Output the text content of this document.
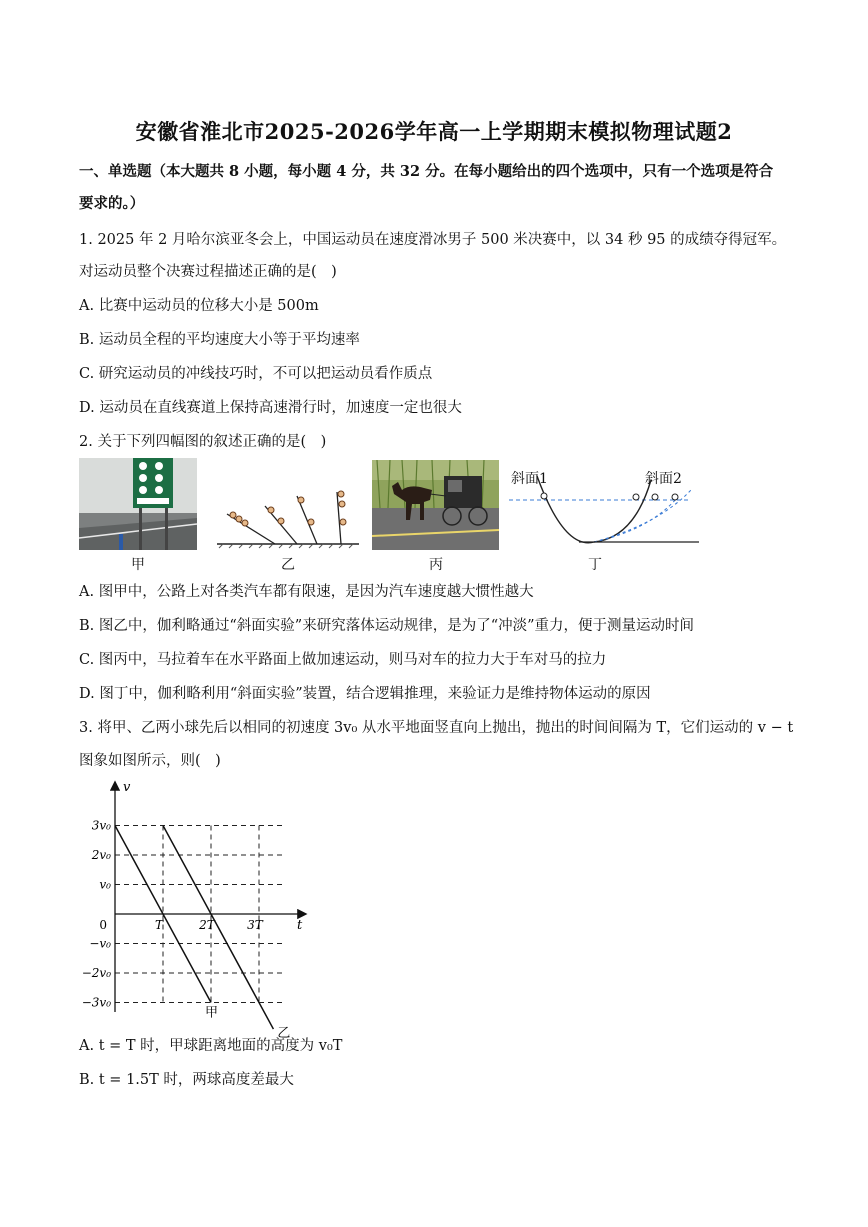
安徽省淮北市2025-2026学年高一上学期期末模拟物理试题2
一、单选题（本大题共 8 小题，每小题 4 分，共 32 分。在每小题给出的四个选项中，只有一个选项是符合
要求的。）
1. 2025 年 2 月哈尔滨亚冬会上，中国运动员在速度滑冰男子 500 米决赛中，以 34 秒 95 的成绩夺得冠军。
对运动员整个决赛过程描述正确的是(　)
A. 比赛中运动员的位移大小是 500m
B. 运动员全程的平均速度大小等于平均速率
C. 研究运动员的冲线技巧时，不可以把运动员看作质点
D. 运动员在直线赛道上保持高速滑行时，加速度一定也很大
2. 关于下列四幅图的叙述正确的是(　)
甲	乙	丙
斜面1	斜面2
丁
A. 图甲中，公路上对各类汽车都有限速，是因为汽车速度越大惯性越大
B. 图乙中，伽利略通过“斜面实验”来研究落体运动规律，是为了“冲淡”重力，便于测量运动时间
C. 图丙中，马拉着车在水平路面上做加速运动，则马对车的拉力大于车对马的拉力
D. 图丁中，伽利略利用“斜面实验”装置，结合逻辑推理，来验证力是维持物体运动的原因
3. 将甲、乙两小球先后以相同的初速度 3v₀ 从水平地面竖直向上抛出，抛出的时间间隔为 T，它们运动的 v − t
图象如图所示，则(　)
v
t
3v₀
2v₀
v₀
−v₀
−2v₀
−3v₀
0	T	2T	3T
甲
乙
A. t = T 时，甲球距离地面的高度为 v₀T
B. t = 1.5T 时，两球高度差最大
